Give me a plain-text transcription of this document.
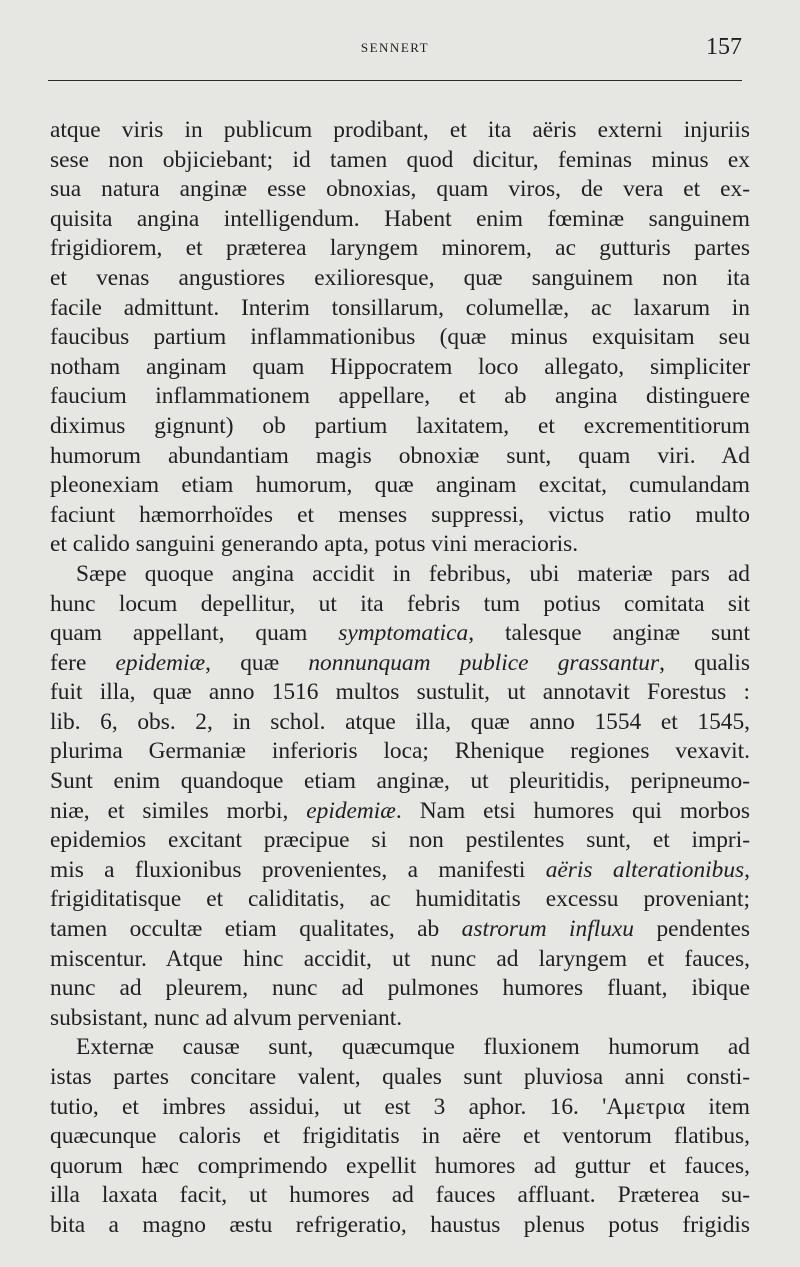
SENNERT	157

atque viris in publicum prodibant, et ita aëris externi injuriis
sese non objiciebant; id tamen quod dicitur, feminas minus ex
sua natura anginæ esse obnoxias, quam viros, de vera et ex-
quisita angina intelligendum. Habent enim fœminæ sanguinem
frigidiorem, et præterea laryngem minorem, ac gutturis partes
et venas angustiores exilioresque, quæ sanguinem non ita
facile admittunt. Interim tonsillarum, columellæ, ac laxarum in
faucibus partium inflammationibus (quæ minus exquisitam seu
notham anginam quam Hippocratem loco allegato, simpliciter
faucium inflammationem appellare, et ab angina distinguere
diximus gignunt) ob partium laxitatem, et excrementitiorum
humorum abundantiam magis obnoxiæ sunt, quam viri. Ad
pleonexiam etiam humorum, quæ anginam excitat, cumulandam
faciunt hæmorrhoïdes et menses suppressi, victus ratio multo
et calido sanguini generando apta, potus vini meracioris.

Sæpe quoque angina accidit in febribus, ubi materiæ pars ad
hunc locum depellitur, ut ita febris tum potius comitata sit
quam appellant, quam symptomatica, talesque anginæ sunt
fere epidemiæ, quæ nonnunquam publice grassantur, qualis
fuit illa, quæ anno 1516 multos sustulit, ut annotavit Forestus :
lib. 6, obs. 2, in schol. atque illa, quæ anno 1554 et 1545,
plurima Germaniæ inferioris loca; Rhenique regiones vexavit.
Sunt enim quandoque etiam anginæ, ut pleuritidis, peripneumo-
niæ, et similes morbi, epidemiæ. Nam etsi humores qui morbos
epidemios excitant præcipue si non pestilentes sunt, et impri-
mis a fluxionibus provenientes, a manifesti aëris alterationibus,
frigiditatisque et caliditatis, ac humiditatis excessu proveniant;
tamen occultæ etiam qualitates, ab astrorum influxu pendentes
miscentur. Atque hinc accidit, ut nunc ad laryngem et fauces,
nunc ad pleurem, nunc ad pulmones humores fluant, ibique
subsistant, nunc ad alvum perveniant.

Externæ causæ sunt, quæcumque fluxionem humorum ad
istas partes concitare valent, quales sunt pluviosa anni consti-
tutio, et imbres assidui, ut est 3 aphor. 16. 'Αμετρια item
quæcunque caloris et frigiditatis in aëre et ventorum flatibus,
quorum hæc comprimendo expellit humores ad guttur et fauces,
illa laxata facit, ut humores ad fauces affluant. Præterea su-
bita a magno æstu refrigeratio, haustus plenus potus frigidis
